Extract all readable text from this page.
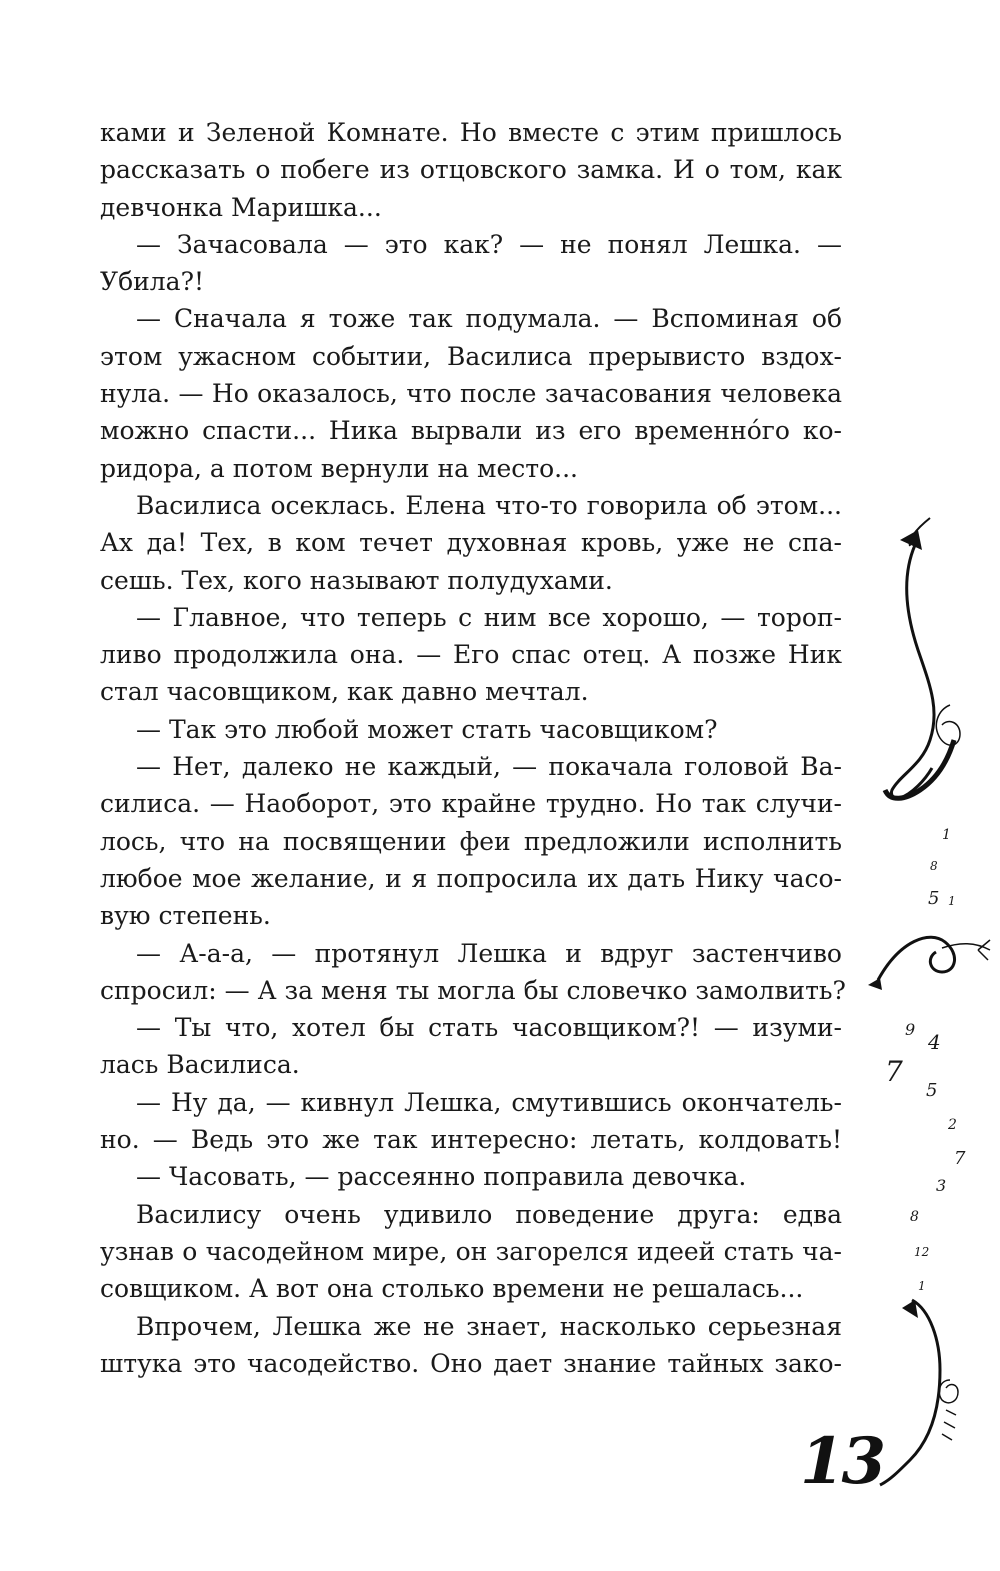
ками и Зеленой Комнате. Но вместе с этим пришлось
рассказать о побеге из отцовского замка. И о том, как
девчонка Маришка...
— Зачасовала — это как? — не понял Лешка. —
Убила?!
— Сначала я тоже так подумала. — Вспоминая об
этом ужасном событии, Василиса прерывисто вздох-
нула. — Но оказалось, что после зачасования человека
можно спасти... Ника вырвали из его временнóго ко-
ридора, а потом вернули на место...
Василиса осеклась. Елена что-то говорила об этом...
Ах да! Тех, в ком течет духовная кровь, уже не спа-
сешь. Тех, кого называют полудухами.
— Главное, что теперь с ним все хорошо, — тороп-
ливо продолжила она. — Его спас отец. А позже Ник
стал часовщиком, как давно мечтал.
— Так это любой может стать часовщиком?
— Нет, далеко не каждый, — покачала головой Ва-
силиса. — Наоборот, это крайне трудно. Но так случи-
лось, что на посвящении феи предложили исполнить
любое мое желание, и я попросила их дать Нику часо-
вую степень.
— А-а-а, — протянул Лешка и вдруг застенчиво
спросил: — А за меня ты могла бы словечко замолвить?
— Ты что, хотел бы стать часовщиком?! — изуми-
лась Василиса.
— Ну да, — кивнул Лешка, смутившись окончатель-
но. — Ведь это же так интересно: летать, колдовать!
— Часовать, — рассеянно поправила девочка.
Василису очень удивило поведение друга: едва
узнав о часодейном мире, он загорелся идеей стать ча-
совщиком. А вот она столько времени не решалась...
Впрочем, Лешка же не знает, насколько серьезная
штука это часодейство. Оно дает знание тайных зако-
1
8
5 1
9
4
7
5
2
7
3
8
12
1
13
